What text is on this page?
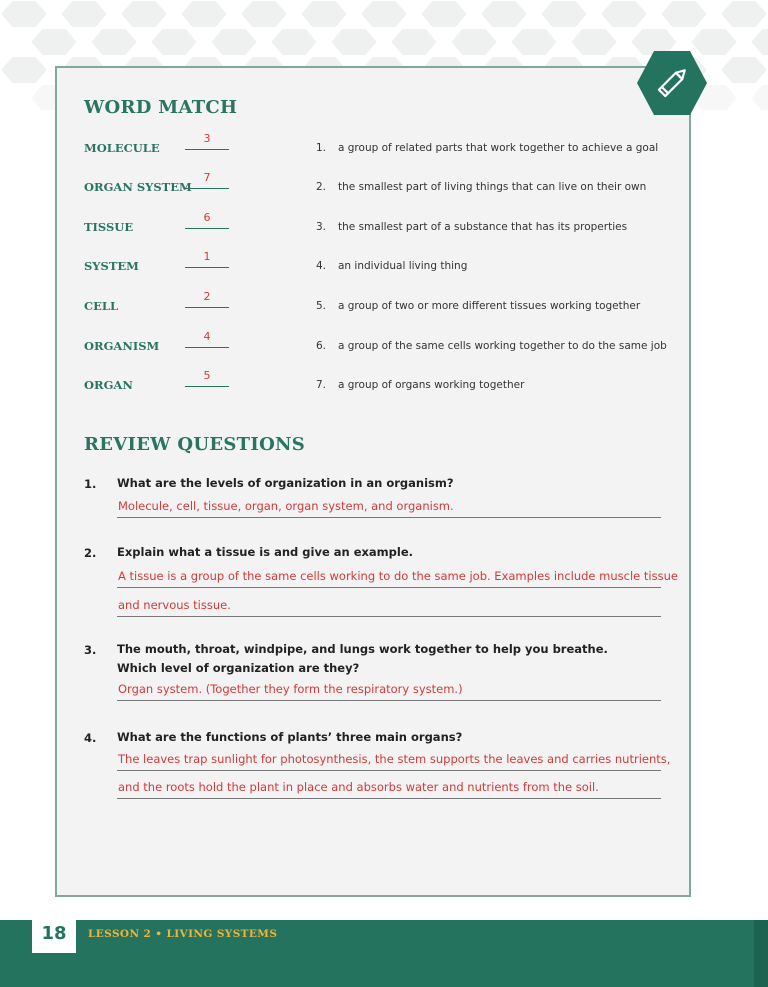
WORD MATCH
MOLECULE
3
1. a group of related parts that work together to achieve a goal
ORGAN SYSTEM
7
2. the smallest part of living things that can live on their own
TISSUE
6
3. the smallest part of a substance that has its properties
SYSTEM
1
4. an individual living thing
CELL
2
5. a group of two or more different tissues working together
ORGANISM
4
6. a group of the same cells working together to do the same job
ORGAN
5
7. a group of organs working together
REVIEW QUESTIONS
1. What are the levels of organization in an organism?
Molecule, cell, tissue, organ, organ system, and organism.
2. Explain what a tissue is and give an example.
A tissue is a group of the same cells working to do the same job. Examples include muscle tissue
and nervous tissue.
3. The mouth, throat, windpipe, and lungs work together to help you breathe. Which level of organization are they?
Organ system. (Together they form the respiratory system.)
4. What are the functions of plants’ three main organs?
The leaves trap sunlight for photosynthesis, the stem supports the leaves and carries nutrients,
and the roots hold the plant in place and absorbs water and nutrients from the soil.
18	LESSON 2 • LIVING SYSTEMS
